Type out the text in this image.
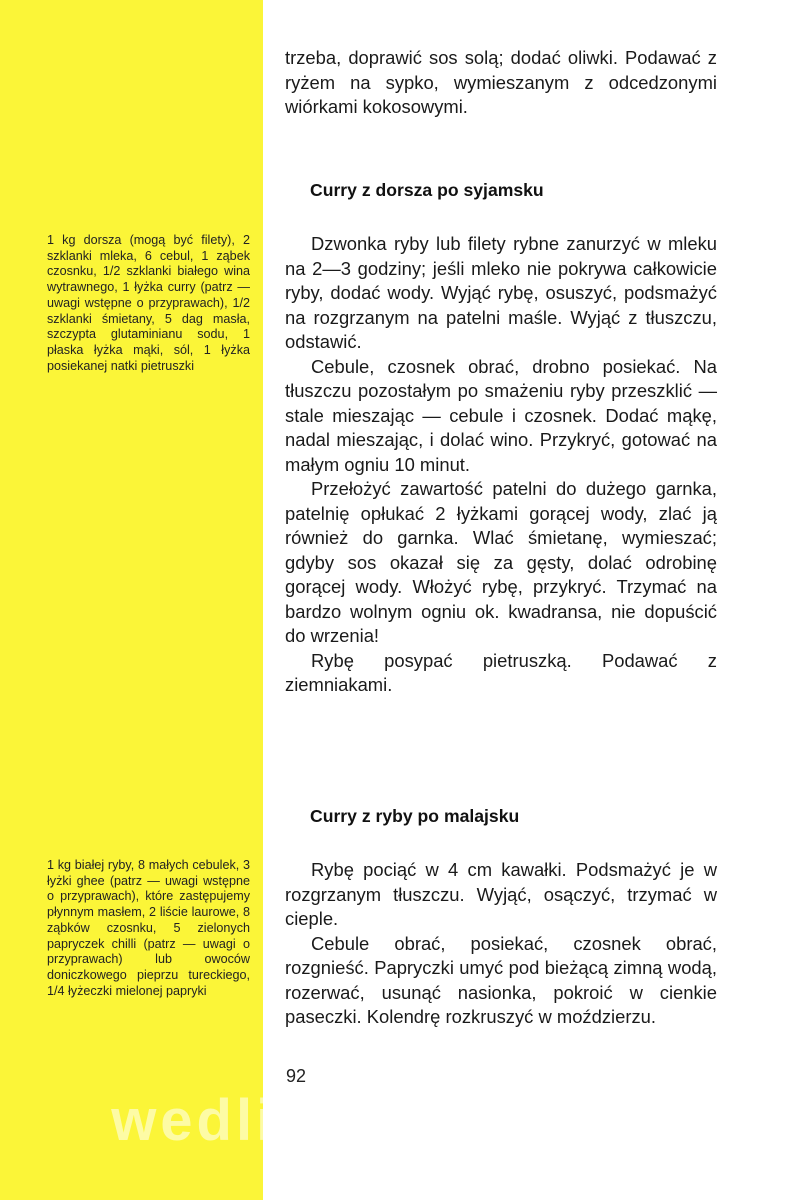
trzeba, doprawić sos solą; dodać oliwki. Podawać z ryżem na sypko, wymieszanym z odcedzonymi wiórkami kokosowymi.

Curry z dorsza po syjamsku

1 kg dorsza (mogą być filety), 2 szklanki mleka, 6 cebul, 1 ząbek czosnku, 1/2 szklanki białego wina wytrawnego, 1 łyżka curry (patrz — uwagi wstępne o przyprawach), 1/2 szklanki śmietany, 5 dag masła, szczypta glutaminianu sodu, 1 płaska łyżka mąki, sól, 1 łyżka posiekanej natki pietruszki

Dzwonka ryby lub filety rybne zanurzyć w mleku na 2—3 godziny; jeśli mleko nie pokrywa całkowicie ryby, dodać wody. Wyjąć rybę, osuszyć, podsmażyć na rozgrzanym na patelni maśle. Wyjąć z tłuszczu, odstawić.

Cebule, czosnek obrać, drobno posiekać. Na tłuszczu pozostałym po smażeniu ryby przeszklić — stale mieszając — cebule i czosnek. Dodać mąkę, nadal mieszając, i dolać wino. Przykryć, gotować na małym ogniu 10 minut.

Przełożyć zawartość patelni do dużego garnka, patelnię opłukać 2 łyżkami gorącej wody, zlać ją również do garnka. Wlać śmietanę, wymieszać; gdyby sos okazał się za gęsty, dolać odrobinę gorącej wody. Włożyć rybę, przykryć. Trzymać na bardzo wolnym ogniu ok. kwadransa, nie dopuścić do wrzenia!

Rybę posypać pietruszką. Podawać z ziemniakami.

Curry z ryby po malajsku

1 kg białej ryby, 8 małych cebulek, 3 łyżki ghee (patrz — uwagi wstępne o przyprawach), które zastępujemy płynnym masłem, 2 liście laurowe, 8 ząbków czosnku, 5 zielonych papryczek chilli (patrz — uwagi o przyprawach) lub owoców doniczkowego pieprzu tureckiego, 1/4 łyżeczki mielonej papryki

Rybę pociąć w 4 cm kawałki. Podsmażyć je w rozgrzanym tłuszczu. Wyjąć, osączyć, trzymać w cieple.

Cebule obrać, posiekać, czosnek obrać, rozgnieść. Papryczki umyć pod bieżącą zimną wodą, rozerwać, usunąć nasionka, pokroić w cienkie paseczki. Kolendrę rozkruszyć w moździerzu.

92
wedlinydomowe.pl
